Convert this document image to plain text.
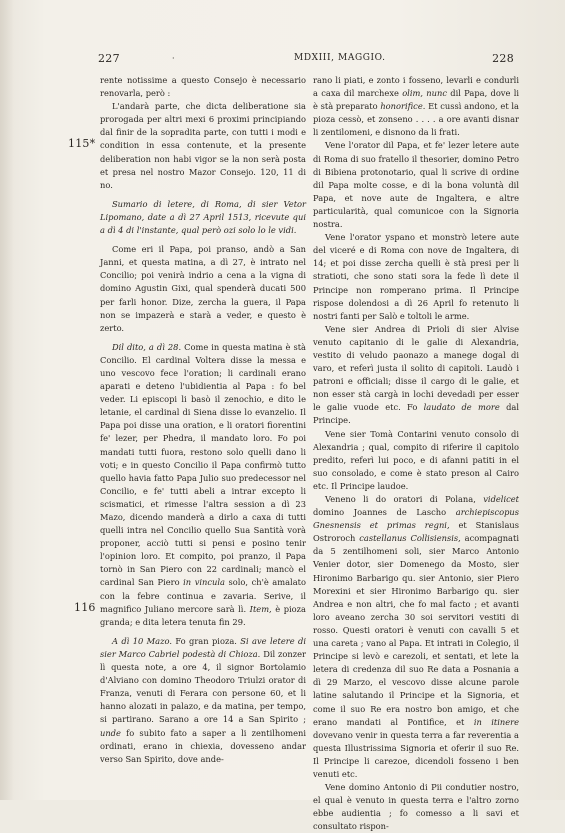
227	·	MDXIII, MAGGIO.	228
115*
116

rente notissime a questo Consejo è necessario renovarla, però :

L'andarà parte, che dicta deliberatione sia prorogada per altri mexi 6 proximi principiando dal finir de la sopradita parte, con tutti i modi e condition in essa contenute, et la presente deliberation non habi vigor se la non serà posta et presa nel nostro Mazor Consejo. 120, 11 di no.

Sumario di letere, di Roma, di sier Vetor Lipomano, date a dì 27 April 1513, ricevute qui a dì 4 di l'instante, qual però ozi solo lo le vidi.

Come eri il Papa, poi pranso, andò a San Janni, et questa matina, a dì 27, è intrato nel Concilio; poi venirà indrio a cena a la vigna di domino Agustin Gixi, qual spenderà ducati 500 per farli honor. Dize, zercha la guera, il Papa non se impazerà e starà a veder, e questo è zerto.

Dil dito, a dì 28. Come in questa matina è stà Concilio. El cardinal Voltera disse la messa e uno vescovo fece l'oration; li cardinali erano aparati e deteno l'ubidientia al Papa : fo bel veder. Li episcopi li basò il zenochio, e dito le letanie, el cardinal di Siena disse lo evanzelio. Il Papa poi disse una oration, e li oratori fiorentini fe' lezer, per Phedra, il mandato loro. Fo poi mandati tutti fuora, restono solo quelli dano li voti; e in questo Concilio il Papa confirmò tutto quello havia fatto Papa Julio suo predecessor nel Concilio, e fe' tutti abeli a intrar excepto li scismatici, et rimesse l'altra session a dì 23 Mazo, dicendo manderà a dirlo a caxa di tutti quelli intra nel Concilio quello Sua Santità vorà proponer, acciò tutti si pensi e posino tenir l'opinion loro. Et compito, poi pranzo, il Papa tornò in San Piero con 22 cardinali; mancò el cardinal San Piero in vincula solo, ch'è amalato con la febre continua e zavaria. Serive, il magnifico Juliano mercore sarà lì. Item, è pioza granda; e dita letera tenuta fin 29.

A dì 10 Mazo. Fo gran pioza. Si ave letere di sier Marco Cabriel podestà di Chioza. Dil zonzer lì questa note, a ore 4, il signor Bortolamio d'Alviano con domino Theodoro Triulzi orator di Franza, venuti di Ferara con persone 60, et li hanno alozati in palazo, e da matina, per tempo, si partirano. Sarano a ore 14 a San Spirito ; unde fo subito fato a saper a li zentilhomeni ordinati, erano in chiexia, dovesseno andar verso San Spirito, dove ande-

rano li piati, e zonto i fosseno, levarli e condurli a caxa dil marchexe olim, nunc dil Papa, dove li è stà preparato honorifice. Et cussì andono, et la pioza cessò, et zonseno . . . . a ore avanti disnar li zentilomeni, e disnono da li frati.

Vene l'orator dil Papa, et fe' lezer letere aute di Roma di suo fratello il thesorier, domino Petro di Bibiena protonotario, qual li scrive di ordine dil Papa molte cosse, e di la bona voluntà dil Papa, et nove aute de Ingaltera, e altre particularità, qual comunicoe con la Signoria nostra.

Vene l'orator yspano et monstrò letere aute del viceré e di Roma con nove de Ingaltera, di 14; et poi disse zercha quelli è stà presi per li stratioti, che sono stati sora la fede lì dete il Principe non romperano prima. Il Principe rispose dolendosi a dì 26 April fo retenuto li nostri fanti per Salò e toltoli le arme.

Vene sier Andrea di Prioli di sier Alvise venuto capitanio di le galie di Alexandria, vestito di veludo paonazo a manege dogal di varo, et referì justa il solito di capitoli. Laudò i patroni e officiali; disse il cargo di le galie, et non esser stà cargà in lochi devedadi per esser le galie vuode etc. Fo laudato de more dal Principe.

Vene sier Tomà Contarini venuto consolo di Alexandria ; qual, compito di riferire il capitolo predito, referì lui poco, e di afanni patiti in el suo consolado, e come è stato preson al Cairo etc. Il Principe laudoe.

Veneno li do oratori di Polana, videlicet domino Joannes de Lascho archiepiscopus Gnesnensis et primas regni, et Stanislaus Ostroroch castellanus Collisiensis, acompagnati da 5 zentilhomeni soli, sier Marco Antonio Venier dotor, sier Domenego da Mosto, sier Hironimo Barbarigo qu. sier Antonio, sier Piero Morexini et sier Hironimo Barbarigo qu. sier Andrea e non altri, che fo mal facto ; et avanti loro aveano zercha 30 soi servitori vestiti di rosso. Questi oratori è venuti con cavalli 5 et una careta ; vano al Papa. Et intrati in Colegio, il Principe si levò e carezoli, et sentati, et lete la letera di credenza dil suo Re data a Posnania a dì 29 Marzo, el vescovo disse alcune parole latine salutando il Principe et la Signoria, et come il suo Re era nostro bon amigo, et che erano mandati al Pontifice, et in itinere dovevano venir in questa terra a far reverentia a questa Illustrissima Signoria et oferir il suo Re. Il Principe li carezoe, dicendoli fosseno i ben venuti etc.

Vene domino Antonio di Pii condutier nostro, el qual è venuto in questa terra e l'altro zorno ebbe audientia ; fo comesso a li savi et consultato rispon-
